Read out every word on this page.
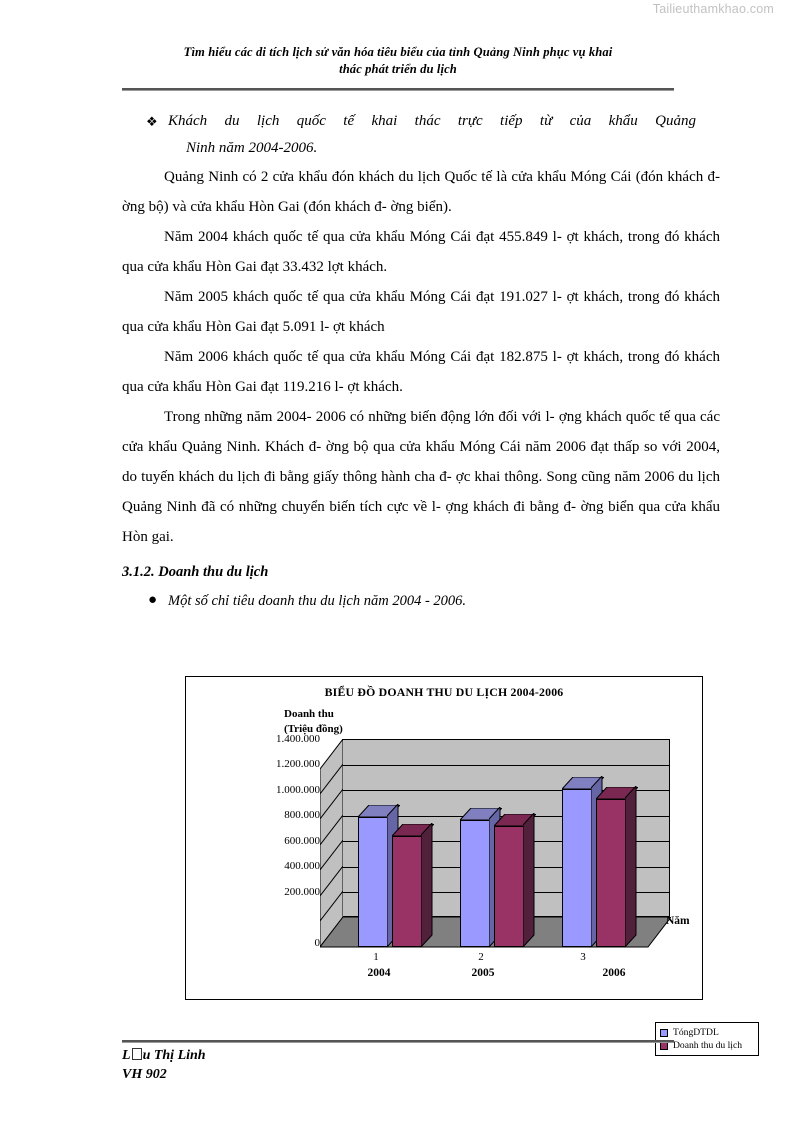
Tailieuthamkhao.com
Tìm hiểu các di tích lịch sử văn hóa tiêu biểu của tỉnh Quảng Ninh phục vụ khai
thác phát triển du lịch
❖ Khách du lịch quốc tế khai thác trực tiếp từ của khẩu Quảng
Ninh năm 2004-2006.

Quảng Ninh có 2 cửa khẩu đón khách du lịch Quốc tế là cửa khẩu Móng Cái (đón khách đ- ờng bộ) và cửa khẩu Hòn Gai (đón khách đ- ờng biển).

Năm 2004 khách quốc tế qua cửa khẩu Móng Cái đạt 455.849 l- ợt khách, trong đó khách qua cửa khẩu Hòn Gai đạt 33.432 lợt khách.

Năm 2005 khách quốc tế qua cửa khẩu Móng Cái đạt 191.027 l- ợt khách, trong đó khách qua cửa khẩu Hòn Gai đạt 5.091 l- ợt khách

Năm 2006 khách quốc tế qua cửa khẩu Móng Cái đạt 182.875 l- ợt khách, trong đó khách qua cửa khẩu Hòn Gai đạt 119.216 l- ợt khách.

Trong những năm 2004- 2006 có những biến động lớn đối với l- ợng khách quốc tế qua các cửa khẩu Quảng Ninh. Khách đ- ờng bộ qua cửa khẩu Móng Cái năm 2006 đạt thấp so với 2004, do tuyến khách du lịch đi bằng giấy thông hành cha đ- ợc khai thông. Song cũng năm 2006 du lịch Quảng Ninh đã có những chuyển biến tích cực về l- ợng khách đi bằng đ- ờng biển qua cửa khẩu Hòn gai.

3.1.2. Doanh thu du lịch
● Một số chỉ tiêu doanh thu du lịch năm 2004 - 2006.
BIỂU ĐỒ DOANH THU DU LỊCH 2004-2006
Doanh thu
(Triệu đồng)
1.400.000
1.200.000
1.000.000
800.000
600.000
400.000
200.000
0
1	2	3
2004	2005	2006
Năm
TóngDTDL
Doanh thu du lịch
L u Thị Linh
VH 902
